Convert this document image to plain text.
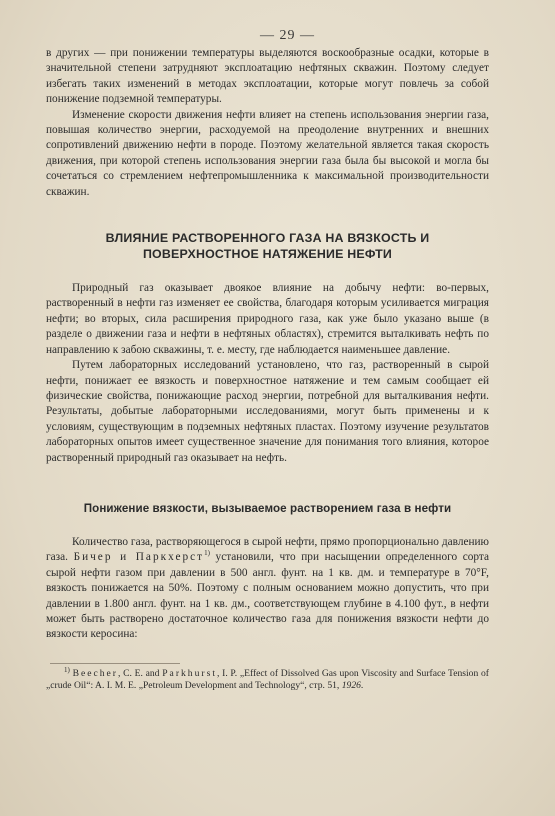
— 29 —

в других — при понижении температуры выделяются воскообразные осадки, которые в значительной степени затрудняют эксплоатацию нефтяных скважин. Поэтому следует избегать таких изменений в методах эксплоатации, которые могут повлечь за собой понижение подземной температуры.

Изменение скорости движения нефти влияет на степень использования энергии газа, повышая количество энергии, расходуемой на преодоление внутренних и внешних сопротивлений движению нефти в породе. Поэтому желательной является такая скорость движения, при которой степень использования энергии газа была бы высокой и могла бы сочетаться со стремлением нефтепромышленника к максимальной производительности скважин.

ВЛИЯНИЕ РАСТВОРЕННОГО ГАЗА НА ВЯЗКОСТЬ И ПОВЕРХНОСТНОЕ НАТЯЖЕНИЕ НЕФТИ

Природный газ оказывает двоякое влияние на добычу нефти: во-первых, растворенный в нефти газ изменяет ее свойства, благодаря которым усиливается миграция нефти; во вторых, сила расширения природного газа, как уже было указано выше (в разделе о движении газа и нефти в нефтяных областях), стремится выталкивать нефть по направлению к забою скважины, т. е. месту, где наблюдается наименьшее давление.

Путем лабораторных исследований установлено, что газ, растворенный в сырой нефти, понижает ее вязкость и поверхностное натяжение и тем самым сообщает ей физические свойства, понижающие расход энергии, потребной для выталкивания нефти. Результаты, добытые лабораторными исследованиями, могут быть применены и к условиям, существующим в подземных нефтяных пластах. Поэтому изучение результатов лабораторных опытов имеет существенное значение для понимания того влияния, которое растворенный природный газ оказывает на нефть.

Понижение вязкости, вызываемое растворением газа в нефти

Количество газа, растворяющегося в сырой нефти, прямо пропорционально давлению газа. Бичер и Паркхерст$^{1)}$ установили, что при насыщении определенного сорта сырой нефти газом при давлении в 500 англ. фунт. на 1 кв. дм. и температуре в 70°F, вязкость понижается на 50%. Поэтому с полным основанием можно допустить, что при давлении в 1.800 англ. фунт. на 1 кв. дм., соответствующем глубине в 4.100 фут., в нефти может быть растворено достаточное количество газа для понижения вязкости нефти до вязкости керосина:

$^{1)}$ Beecher, C. E. and Parkhurst, I. P. „Effect of Dissolved Gas upon Viscosity and Surface Tension of „crude Oil“: A. I. M. E. „Petroleum Development and Technology“, стр. 51, 1926.
